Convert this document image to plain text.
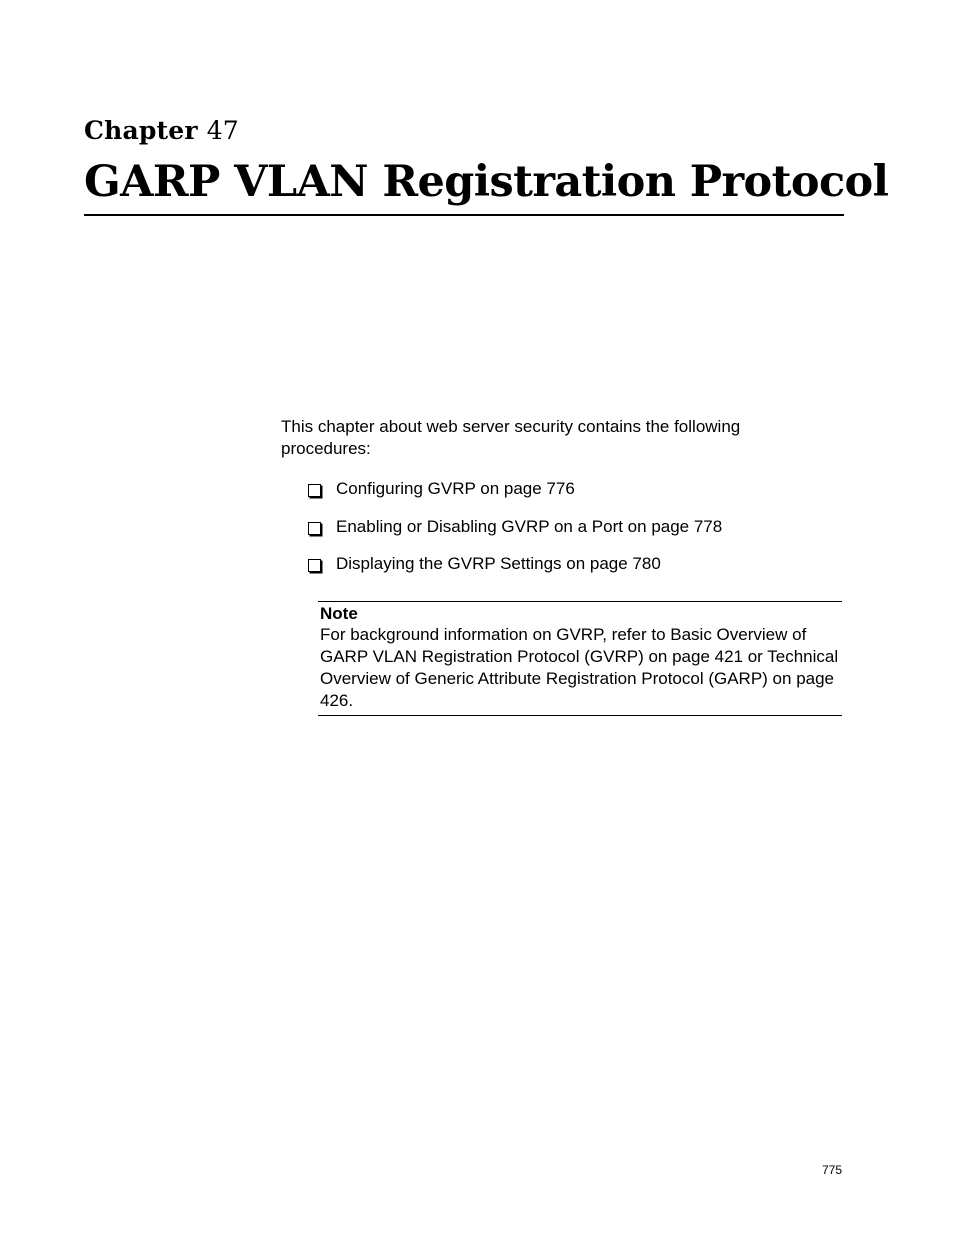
Chapter 47
GARP VLAN Registration Protocol

This chapter about web server security contains the following procedures:

Configuring GVRP on page 776
Enabling or Disabling GVRP on a Port on page 778
Displaying the GVRP Settings on page 780

Note

For background information on GVRP, refer to Basic Overview of GARP VLAN Registration Protocol (GVRP) on page 421 or Technical Overview of Generic Attribute Registration Protocol (GARP) on page 426.

775
